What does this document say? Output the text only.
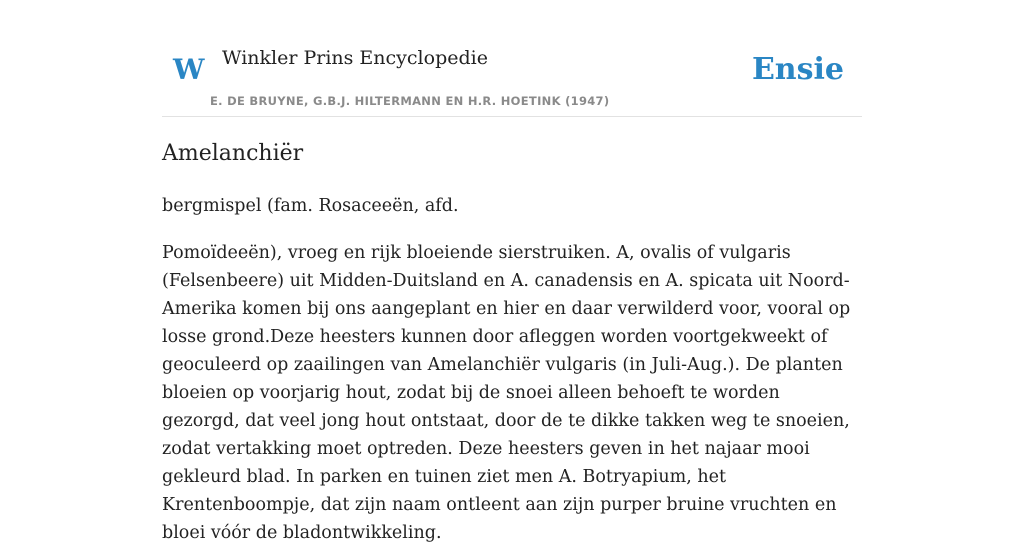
W Winkler Prins Encyclopedie
E. DE BRUYNE, G.B.J. HILTERMANN EN H.R. HOETINK (1947)
Ensie
Amelanchiër

bergmispel (fam. Rosaceeën, afd.

Pomoïdeeën), vroeg en rijk bloeiende sierstruiken. A, ovalis of vulgaris (Felsenbeere) uit Midden-Duitsland en A. canadensis en A. spicata uit Noord-Amerika komen bij ons aangeplant en hier en daar verwilderd voor, vooral op losse grond.Deze heesters kunnen door afleggen worden voortgekweekt of geoculeerd op zaailingen van Amelanchiër vulgaris (in Juli-Aug.). De planten bloeien op voorjarig hout, zodat bij de snoei alleen behoeft te worden gezorgd, dat veel jong hout ontstaat, door de te dikke takken weg te snoeien, zodat vertakking moet optreden. Deze heesters geven in het najaar mooi gekleurd blad. In parken en tuinen ziet men A. Botryapium, het Krentenboompje, dat zijn naam ontleent aan zijn purper bruine vruchten en bloei vóór de bladontwikkeling.
